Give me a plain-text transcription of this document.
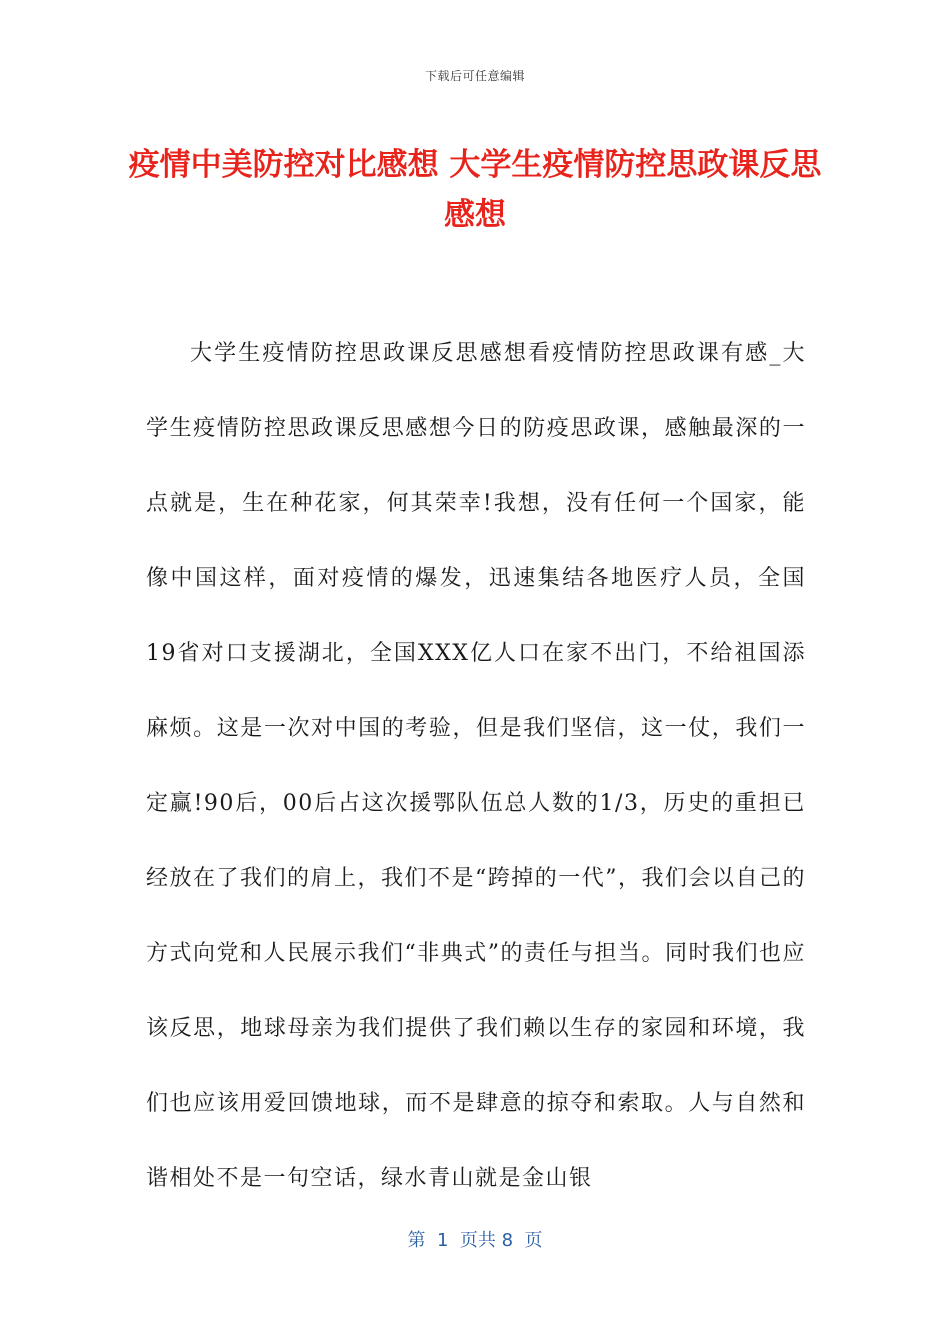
下载后可任意编辑
疫情中美防控对比感想 大学生疫情防控思政课反思感想

大学生疫情防控思政课反思感想看疫情防控思政课有感_大学生疫情防控思政课反思感想今日的防疫思政课，感触最深的一点就是，生在种花家，何其荣幸!我想，没有任何一个国家，能像中国这样，面对疫情的爆发，迅速集结各地医疗人员，全国19省对口支援湖北，全国XXX亿人口在家不出门，不给祖国添麻烦。这是一次对中国的考验，但是我们坚信，这一仗，我们一定赢!90后，00后占这次援鄂队伍总人数的1/3，历史的重担已经放在了我们的肩上，我们不是“跨掉的一代”，我们会以自己的方式向党和人民展示我们“非典式”的责任与担当。同时我们也应该反思，地球母亲为我们提供了我们赖以生存的家园和环境，我们也应该用爱回馈地球，而不是肆意的掠夺和索取。人与自然和谐相处不是一句空话，绿水青山就是金山银

第  1  页共 8  页
